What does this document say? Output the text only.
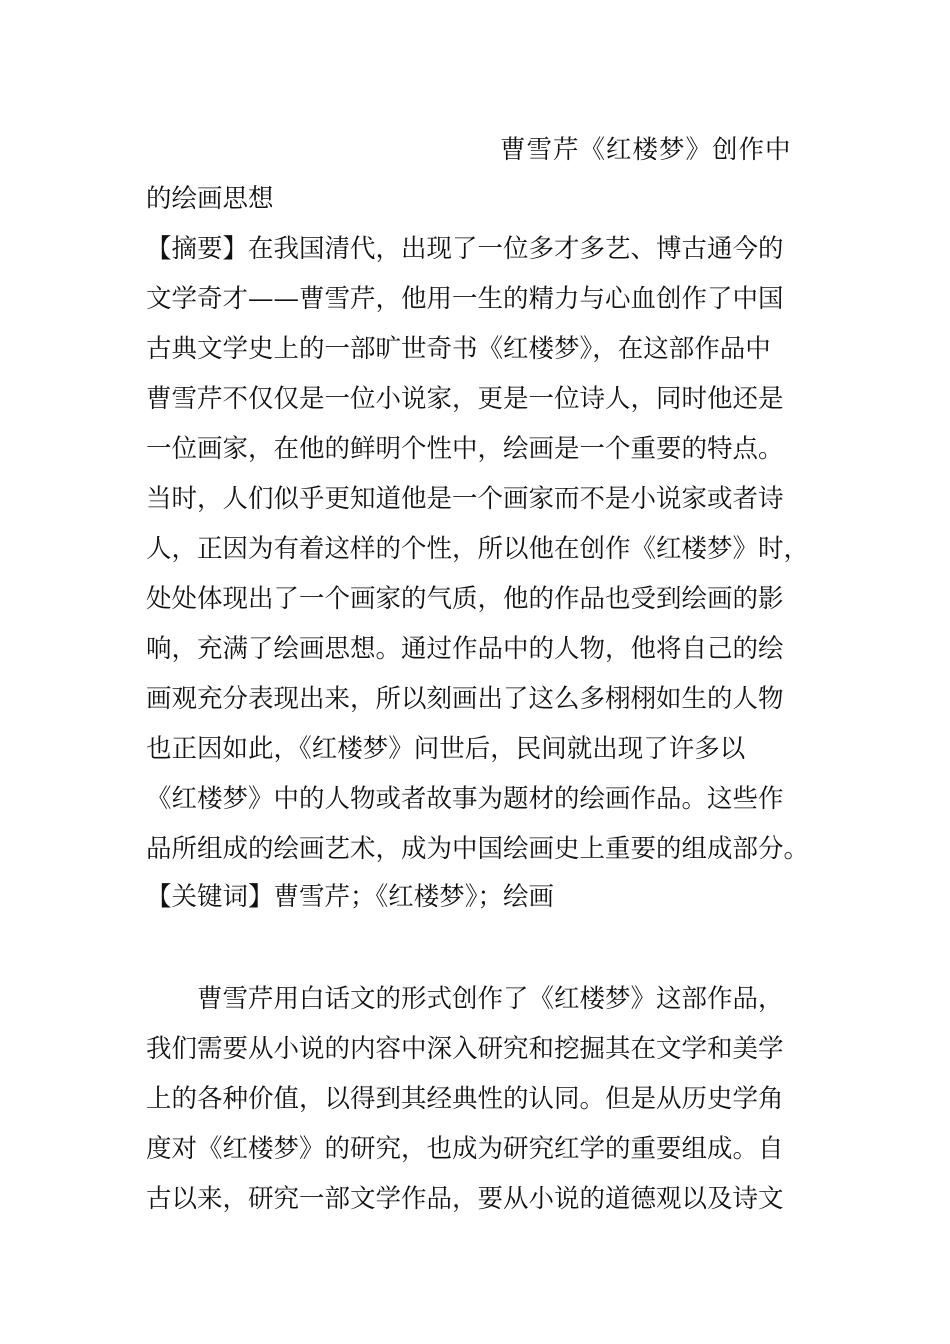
曹雪芹《红楼梦》创作中
的绘画思想
【摘要】在我国清代，出现了一位多才多艺、博古通今的
文学奇才——曹雪芹，他用一生的精力与心血创作了中国
古典文学史上的一部旷世奇书《红楼梦》，在这部作品中
曹雪芹不仅仅是一位小说家，更是一位诗人，同时他还是
一位画家，在他的鲜明个性中，绘画是一个重要的特点。
当时，人们似乎更知道他是一个画家而不是小说家或者诗
人，正因为有着这样的个性，所以他在创作《红楼梦》时，
处处体现出了一个画家的气质，他的作品也受到绘画的影
响，充满了绘画思想。通过作品中的人物，他将自己的绘
画观充分表现出来，所以刻画出了这么多栩栩如生的人物
也正因如此，《红楼梦》问世后，民间就出现了许多以
《红楼梦》中的人物或者故事为题材的绘画作品。这些作
品所组成的绘画艺术，成为中国绘画史上重要的组成部分。
【关键词】曹雪芹；《红楼梦》；绘画
　　曹雪芹用白话文的形式创作了《红楼梦》这部作品，
我们需要从小说的内容中深入研究和挖掘其在文学和美学
上的各种价值，以得到其经典性的认同。但是从历史学角
度对《红楼梦》的研究，也成为研究红学的重要组成。自
古以来，研究一部文学作品，要从小说的道德观以及诗文
